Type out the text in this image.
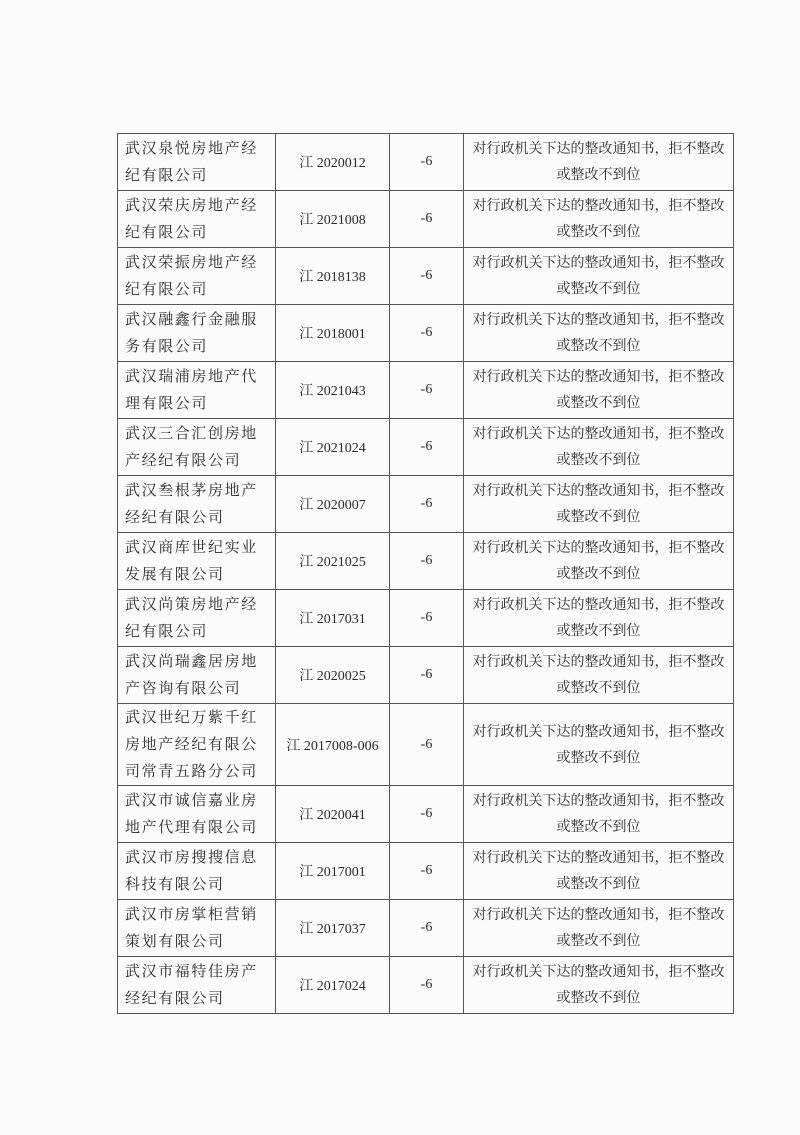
武汉泉悦房地产经纪有限公司	江 2020012	-6	对行政机关下达的整改通知书，拒不整改或整改不到位
武汉荣庆房地产经纪有限公司	江 2021008	-6	对行政机关下达的整改通知书，拒不整改或整改不到位
武汉荣振房地产经纪有限公司	江 2018138	-6	对行政机关下达的整改通知书，拒不整改或整改不到位
武汉融鑫行金融服务有限公司	江 2018001	-6	对行政机关下达的整改通知书，拒不整改或整改不到位
武汉瑞浦房地产代理有限公司	江 2021043	-6	对行政机关下达的整改通知书，拒不整改或整改不到位
武汉三合汇创房地产经纪有限公司	江 2021024	-6	对行政机关下达的整改通知书，拒不整改或整改不到位
武汉叁根茅房地产经纪有限公司	江 2020007	-6	对行政机关下达的整改通知书，拒不整改或整改不到位
武汉商库世纪实业发展有限公司	江 2021025	-6	对行政机关下达的整改通知书，拒不整改或整改不到位
武汉尚策房地产经纪有限公司	江 2017031	-6	对行政机关下达的整改通知书，拒不整改或整改不到位
武汉尚瑞鑫居房地产咨询有限公司	江 2020025	-6	对行政机关下达的整改通知书，拒不整改或整改不到位
武汉世纪万紫千红房地产经纪有限公司常青五路分公司	江 2017008-006	-6	对行政机关下达的整改通知书，拒不整改或整改不到位
武汉市诚信嘉业房地产代理有限公司	江 2020041	-6	对行政机关下达的整改通知书，拒不整改或整改不到位
武汉市房搜搜信息科技有限公司	江 2017001	-6	对行政机关下达的整改通知书，拒不整改或整改不到位
武汉市房掌柜营销策划有限公司	江 2017037	-6	对行政机关下达的整改通知书，拒不整改或整改不到位
武汉市福特佳房产经纪有限公司	江 2017024	-6	对行政机关下达的整改通知书，拒不整改或整改不到位
